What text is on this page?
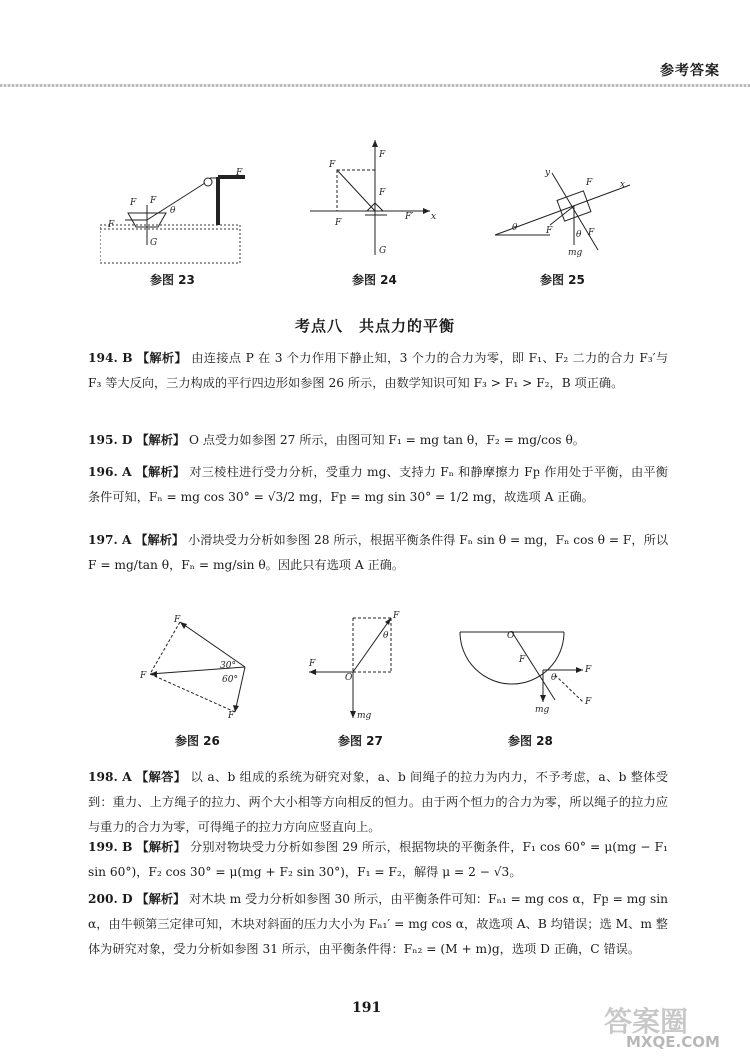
参考答案
F
F F
F
G
θ
参图 23
F
F
F
F′
F
G
x
参图 24
y
x
F
θ	F	F
θ
mg
参图 25
考点八　共点力的平衡
194. B 【解析】 由连接点 P 在 3 个力作用下静止知，3 个力的合力为零，即 F₁、F₂ 二力的合力 F₃′与 F₃ 等大反向，三力构成的平行四边形如参图 26 所示，由数学知识可知 F₃ > F₁ > F₂，B 项正确。
195. D 【解析】 O 点受力如参图 27 所示，由图可知 F₁ = mg tan θ，F₂ = mg/cos θ。
196. A 【解析】 对三棱柱进行受力分析，受重力 mg、支持力 Fₙ 和静摩擦力 Fբ 作用处于平衡，由平衡条件可知，Fₙ = mg cos 30° = √3/2 mg，Fբ = mg sin 30° = 1/2 mg，故选项 A 正确。
197. A 【解析】 小滑块受力分析如参图 28 所示，根据平衡条件得 Fₙ sin θ = mg，Fₙ cos θ = F，所以 F = mg/tan θ，Fₙ = mg/sin θ。因此只有选项 A 正确。
F
F
F
30°
60°
参图 26
F
F
O
θ
mg
参图 27
O
F
F
θ
mg
F
参图 28
198. A 【解答】 以 a、b 组成的系统为研究对象，a、b 间绳子的拉力为内力，不予考虑，a、b 整体受到：重力、上方绳子的拉力、两个大小相等方向相反的恒力。由于两个恒力的合力为零，所以绳子的拉力应与重力的合力为零，可得绳子的拉力方向应竖直向上。
199. B 【解析】 分别对物块受力分析如参图 29 所示，根据物块的平衡条件，F₁ cos 60° = μ(mg − F₁ sin 60°)，F₂ cos 30° = μ(mg + F₂ sin 30°)，F₁ = F₂，解得 μ = 2 − √3。
200. D 【解析】 对木块 m 受力分析如参图 30 所示，由平衡条件可知：Fₙ₁ = mg cos α，Fբ = mg sin α，由牛顿第三定律可知，木块对斜面的压力大小为 Fₙ₁′ = mg cos α，故选项 A、B 均错误；选 M、m 整体为研究对象，受力分析如参图 31 所示，由平衡条件得：Fₙ₂ = (M + m)g，选项 D 正确，C 错误。
191	答案圈
MXQE.COM
